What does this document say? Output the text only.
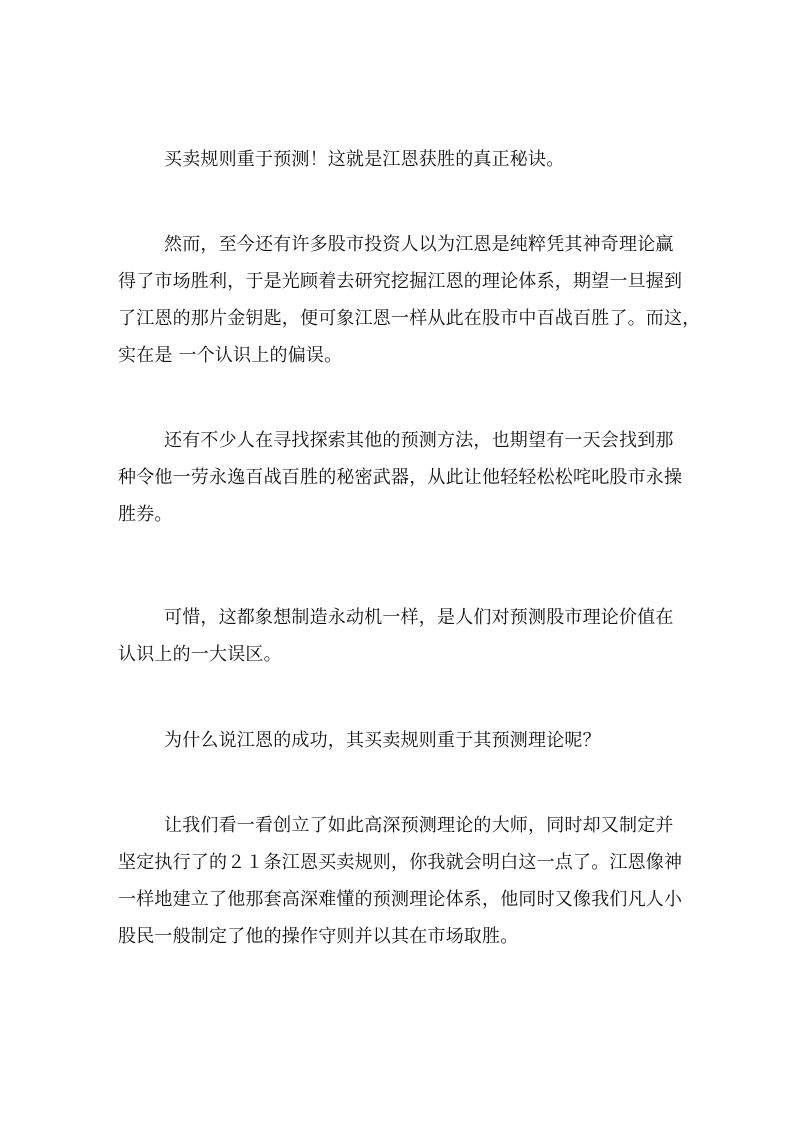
买卖规则重于预测！这就是江恩获胜的真正秘诀。
然而，至今还有许多股市投资人以为江恩是纯粹凭其神奇理论赢
得了市场胜利，于是光顾着去研究挖掘江恩的理论体系，期望一旦握到
了江恩的那片金钥匙，便可象江恩一样从此在股市中百战百胜了。而这，
实在是 一个认识上的偏误。
还有不少人在寻找探索其他的预测方法，也期望有一天会找到那
种令他一劳永逸百战百胜的秘密武器，从此让他轻轻松松咤叱股市永操
胜券。
可惜，这都象想制造永动机一样，是人们对预测股市理论价值在
认识上的一大误区。
为什么说江恩的成功，其买卖规则重于其预测理论呢？
让我们看一看创立了如此高深预测理论的大师，同时却又制定并
坚定执行了的２１条江恩买卖规则，你我就会明白这一点了。江恩像神
一样地建立了他那套高深难懂的预测理论体系，他同时又像我们凡人小
股民一般制定了他的操作守则并以其在市场取胜。
